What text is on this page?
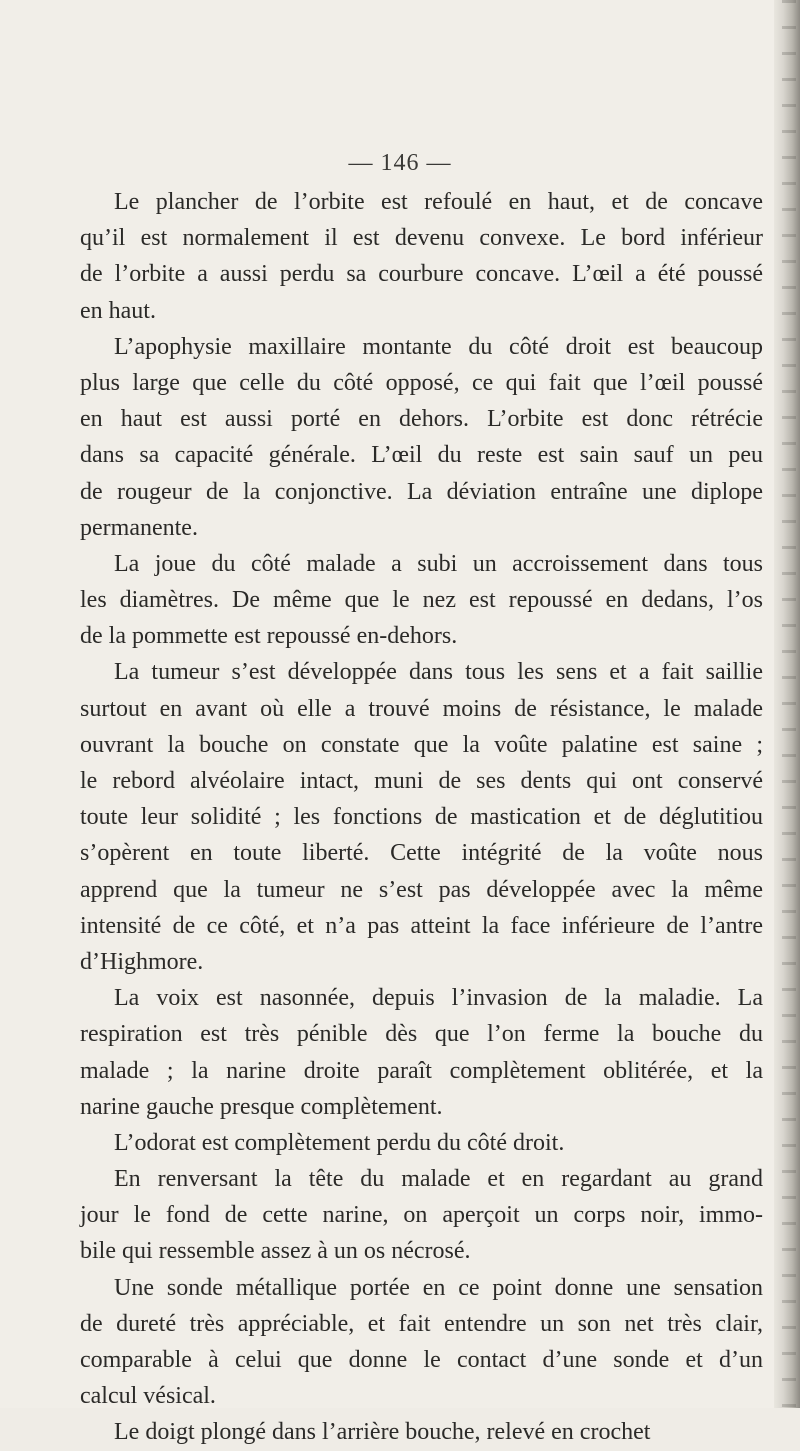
— 146 —
Le plancher de l’orbite est refoulé en haut, et de concave
qu’il est normalement il est devenu convexe. Le bord inférieur
de l’orbite a aussi perdu sa courbure concave. L’œil a été poussé
en haut.
L’apophysie maxillaire montante du côté droit est beaucoup
plus large que celle du côté opposé, ce qui fait que l’œil poussé
en haut est aussi porté en dehors. L’orbite est donc rétrécie
dans sa capacité générale. L’œil du reste est sain sauf un peu
de rougeur de la conjonctive. La déviation entraîne une diplope
permanente.
La joue du côté malade a subi un accroissement dans tous
les diamètres. De même que le nez est repoussé en dedans, l’os
de la pommette est repoussé en-dehors.
La tumeur s’est développée dans tous les sens et a fait saillie
surtout en avant où elle a trouvé moins de résistance, le malade
ouvrant la bouche on constate que la voûte palatine est saine ;
le rebord alvéolaire intact, muni de ses dents qui ont conservé
toute leur solidité ; les fonctions de mastication et de déglutitiou
s’opèrent en toute liberté. Cette intégrité de la voûte nous
apprend que la tumeur ne s’est pas développée avec la même
intensité de ce côté, et n’a pas atteint la face inférieure de l’antre
d’Highmore.
La voix est nasonnée, depuis l’invasion de la maladie. La
respiration est très pénible dès que l’on ferme la bouche du
malade ; la narine droite paraît complètement oblitérée, et la
narine gauche presque complètement.
L’odorat est complètement perdu du côté droit.
En renversant la tête du malade et en regardant au grand
jour le fond de cette narine, on aperçoit un corps noir, immo-
bile qui ressemble assez à un os nécrosé.
Une sonde métallique portée en ce point donne une sensation
de dureté très appréciable, et fait entendre un son net très clair,
comparable à celui que donne le contact d’une sonde et d’un
calcul vésical.
Le doigt plongé dans l’arrière bouche, relevé en crochet
